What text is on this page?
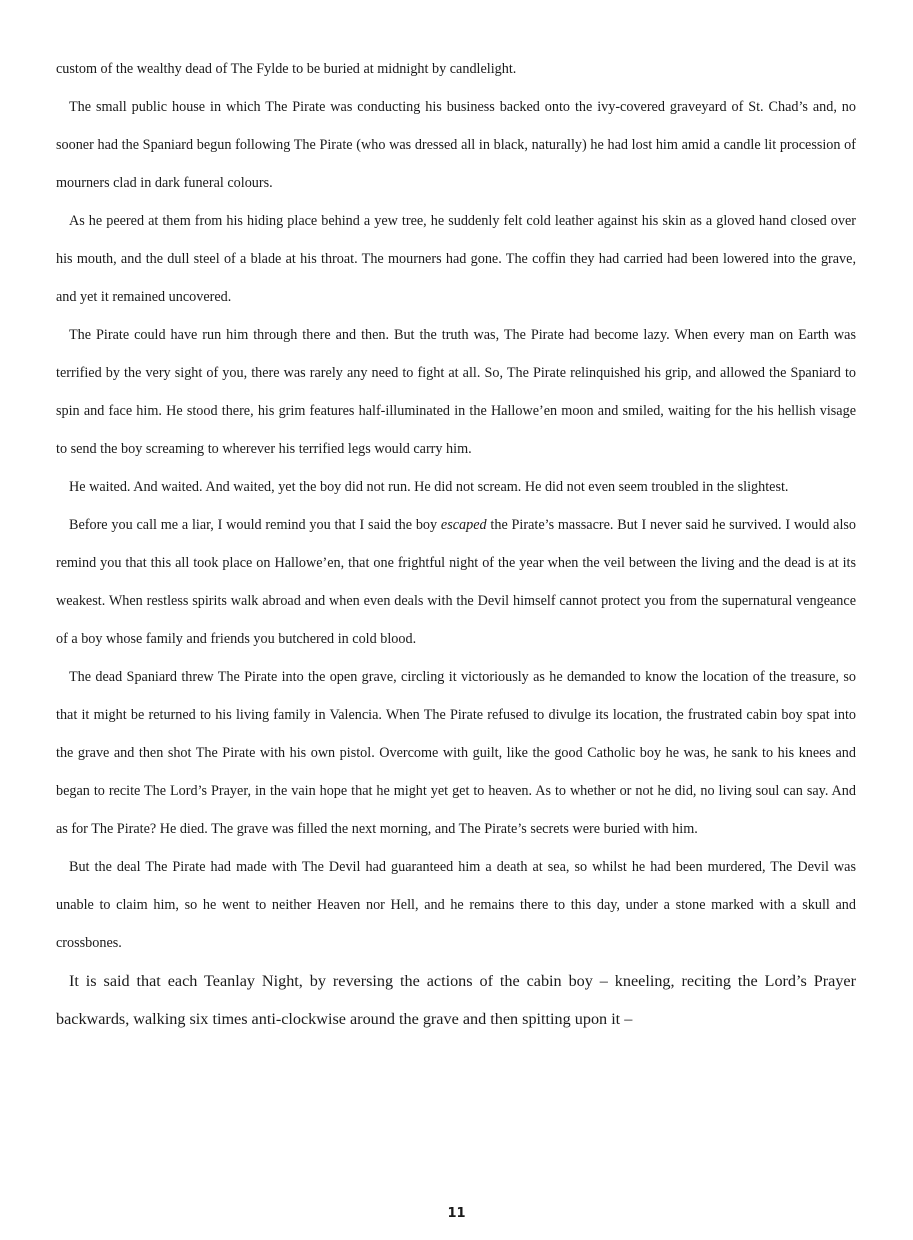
custom of the wealthy dead of The Fylde to be buried at midnight by candlelight.

The small public house in which The Pirate was conducting his business backed onto the ivy-covered graveyard of St. Chad’s and, no sooner had the Spaniard begun following The Pirate (who was dressed all in black, naturally) he had lost him amid a candle lit procession of mourners clad in dark funeral colours.

As he peered at them from his hiding place behind a yew tree, he suddenly felt cold leather against his skin as a gloved hand closed over his mouth, and the dull steel of a blade at his throat. The mourners had gone. The coffin they had carried had been lowered into the grave, and yet it remained uncovered.

The Pirate could have run him through there and then. But the truth was, The Pirate had become lazy. When every man on Earth was terrified by the very sight of you, there was rarely any need to fight at all. So, The Pirate relinquished his grip, and allowed the Spaniard to spin and face him. He stood there, his grim features half-illuminated in the Hallowe’en moon and smiled, waiting for the his hellish visage to send the boy screaming to wherever his terrified legs would carry him.

He waited. And waited. And waited, yet the boy did not run. He did not scream. He did not even seem troubled in the slightest.

Before you call me a liar, I would remind you that I said the boy escaped the Pirate’s massacre. But I never said he survived. I would also remind you that this all took place on Hallowe’en, that one frightful night of the year when the veil between the living and the dead is at its weakest. When restless spirits walk abroad and when even deals with the Devil himself cannot protect you from the supernatural vengeance of a boy whose family and friends you butchered in cold blood.

The dead Spaniard threw The Pirate into the open grave, circling it victoriously as he demanded to know the location of the treasure, so that it might be returned to his living family in Valencia. When The Pirate refused to divulge its location, the frustrated cabin boy spat into the grave and then shot The Pirate with his own pistol. Overcome with guilt, like the good Catholic boy he was, he sank to his knees and began to recite The Lord’s Prayer, in the vain hope that he might yet get to heaven. As to whether or not he did, no living soul can say. And as for The Pirate? He died. The grave was filled the next morning, and The Pirate’s secrets were buried with him.

But the deal The Pirate had made with The Devil had guaranteed him a death at sea, so whilst he had been murdered, The Devil was unable to claim him, so he went to neither Heaven nor Hell, and he remains there to this day, under a stone marked with a skull and crossbones.

It is said that each Teanlay Night, by reversing the actions of the cabin boy – kneeling, reciting the Lord’s Prayer backwards, walking six times anti-clockwise around the grave and then spitting upon it –

11
